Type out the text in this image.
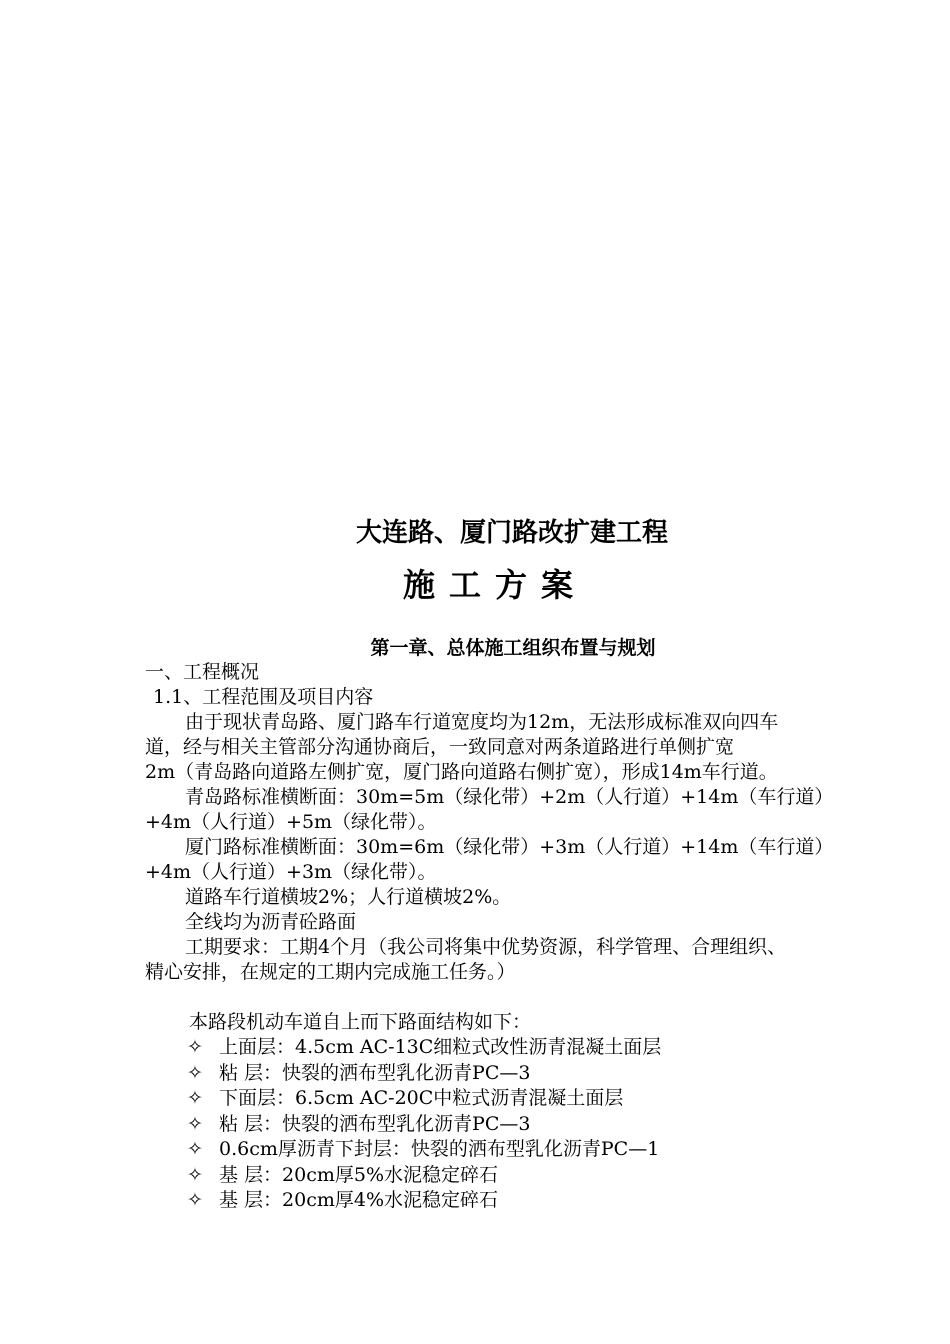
大连路、厦门路改扩建工程
施工方案
第一章、总体施工组织布置与规划
一、工程概况
1.1、工程范围及项目内容
由于现状青岛路、厦门路车行道宽度均为12m，无法形成标准双向四车
道，经与相关主管部分沟通协商后，一致同意对两条道路进行单侧扩宽
2m（青岛路向道路左侧扩宽，厦门路向道路右侧扩宽），形成14m车行道。
青岛路标准横断面：30m=5m（绿化带）+2m（人行道）+14m（车行道）
+4m（人行道）+5m（绿化带）。
厦门路标准横断面：30m=6m（绿化带）+3m（人行道）+14m（车行道）
+4m（人行道）+3m（绿化带）。
道路车行道横坡2%；人行道横坡2%。
全线均为沥青砼路面
工期要求：工期4个月（我公司将集中优势资源，科学管理、合理组织、
精心安排，在规定的工期内完成施工任务。）
本路段机动车道自上而下路面结构如下：
✧ 上面层：4.5cm AC-13C细粒式改性沥青混凝土面层
✧ 粘 层：快裂的洒布型乳化沥青PC—3
✧ 下面层：6.5cm AC-20C中粒式沥青混凝土面层
✧ 粘 层：快裂的洒布型乳化沥青PC—3
✧ 0.6cm厚沥青下封层：快裂的洒布型乳化沥青PC—1
✧ 基 层：20cm厚5%水泥稳定碎石
✧ 基 层：20cm厚4%水泥稳定碎石
